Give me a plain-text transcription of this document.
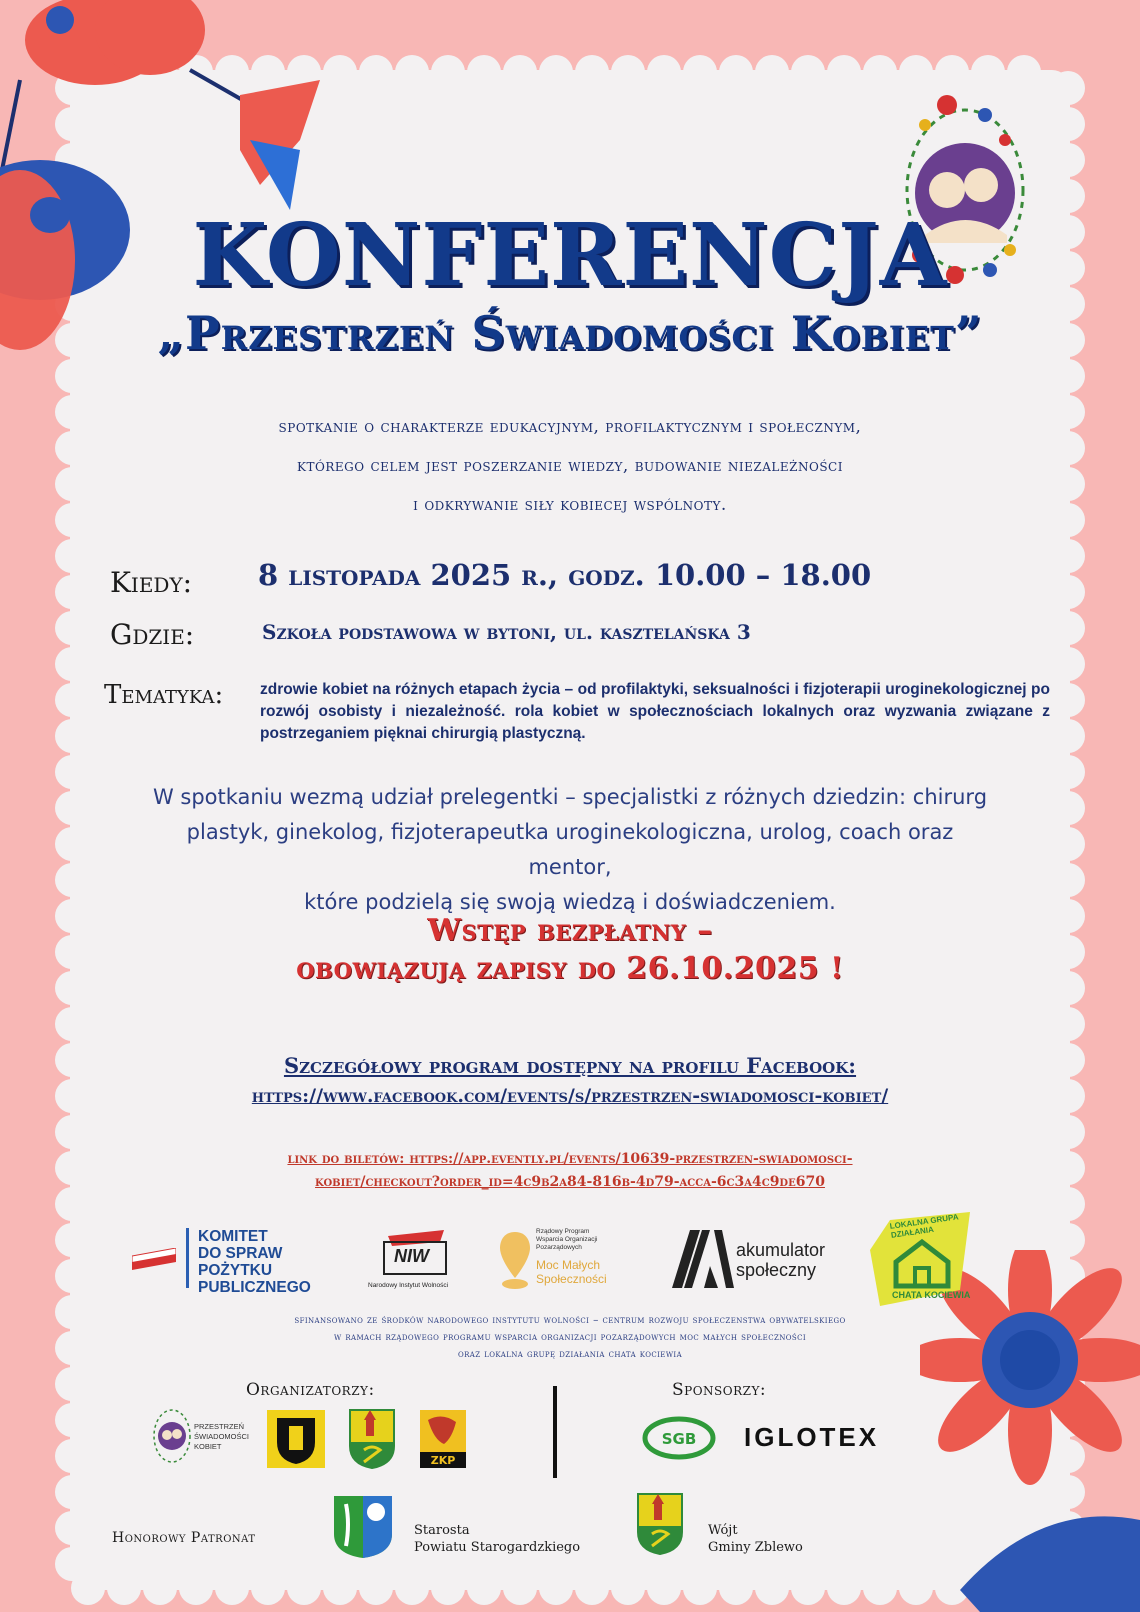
KONFERENCJA
„Przestrzeń Świadomości Kobiet”
spotkanie o charakterze edukacyjnym, profilaktycznym i społecznym,
którego celem jest poszerzanie wiedzy, budowanie niezależności
i odkrywanie siły kobiecej wspólnoty.
Kiedy: 8 listopada 2025 r., godz. 10.00 – 18.00
Gdzie:	Szkoła podstawowa w bytoni, ul. kasztelańska 3
Tematyka: zdrowie kobiet na różnych etapach życia – od profilaktyki, seksualności i fizjoterapii uroginekologicznej po rozwój osobisty i niezależność. rola kobiet w społecznościach lokalnych oraz wyzwania związane z postrzeganiem pięknai chirurgią plastyczną.
W spotkaniu wezmą udział prelegentki – specjalistki z różnych dziedzin: chirurg
plastyk, ginekolog, fizjoterapeutka uroginekologiczna, urolog, coach oraz mentor,
które podzielą się swoją wiedzą i doświadczeniem.
Wstęp bezpłatny –
obowiązują zapisy do 26.10.2025 !
Szczegółowy program dostępny na profilu Facebook:
https://www.facebook.com/events/s/przestrzen-swiadomosci-kobiet/
link do biletów: https://app.evently.pl/events/10639-przestrzen-swiadomosci-
kobiet/checkout?order_id=4c9b2a84-816b-4d79-acca-6c3a4c9de670
KOMITET
DO SPRAW
POŻYTKU
PUBLICZNEGO
NIW
Narodowy Instytut Wolności
Rządowy Program
Wsparcia Organizacji
Pozarządowych
Moc Małych
Społeczności
akumulator
społeczny
CHATA KOCIEWIA
LOKALNA GRUPA DZIAŁANIA
sfinansowano ze środków narodowego instytutu wolności – centrum rozwoju społeczenstwa obywatelskiego
w ramach rządowego programu wsparcia organizacji pozarządowych moc małych społeczności
oraz lokalna grupę działania chata kociewia
Organizatorzy:
PRZESTRZEŃ
ŚWIADOMOŚCI
KOBIET
ZKP
Sponsorzy:
SGB IGLOTEX
Honorowy Patronat	Starosta
Powiatu Starogardzkiego
Wójt
Gminy Zblewo
